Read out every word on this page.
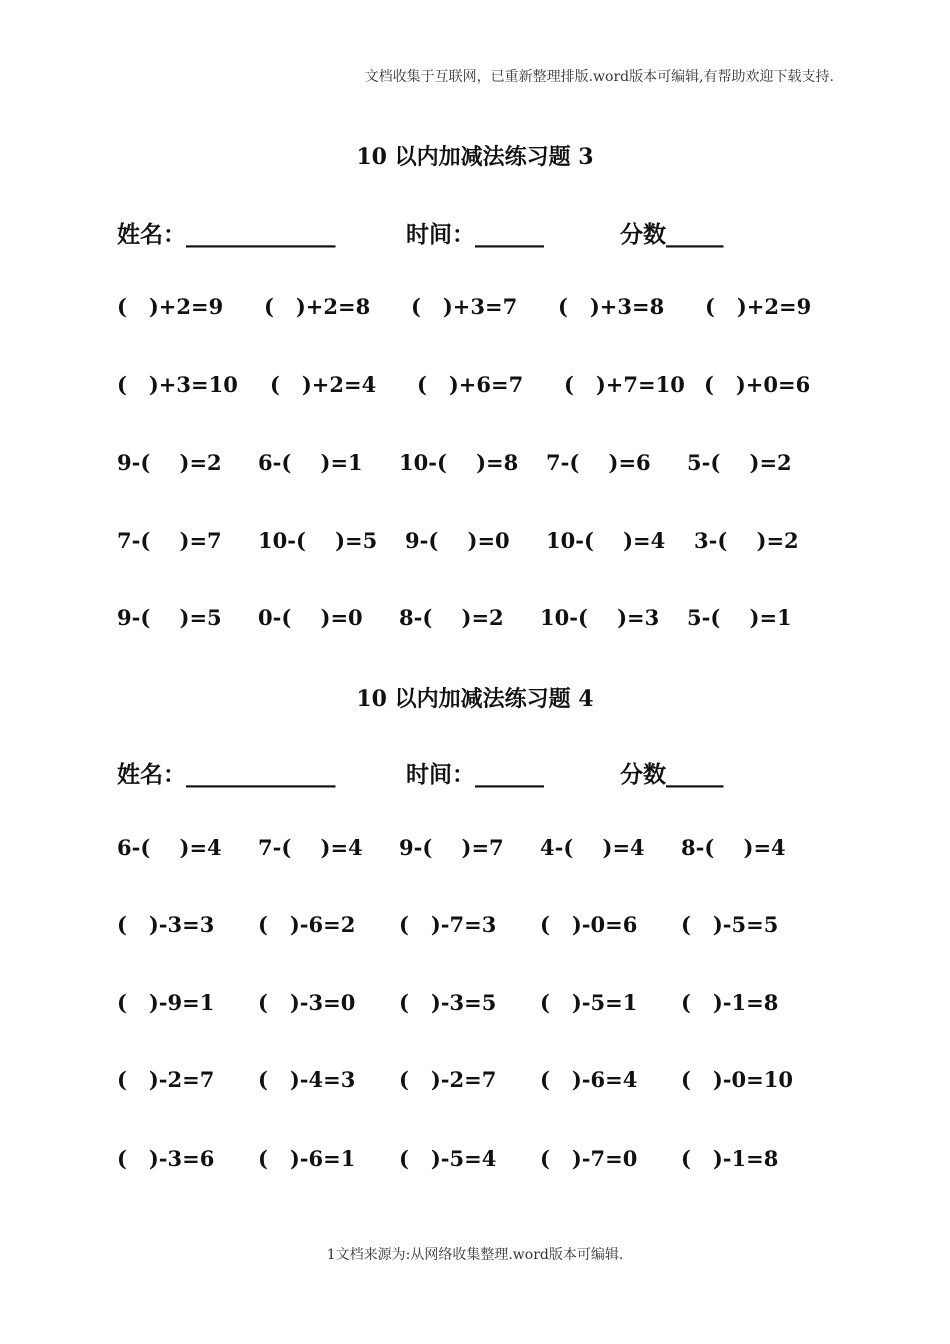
文档收集于互联网，已重新整理排版.word版本可编辑,有帮助欢迎下载支持.
10 以内加减法练习题 3
姓名：_____________	时间：______	分数_____
(   )+2=9 (   )+2=8 (   )+3=7 (   )+3=8 (   )+2=9
(   )+3=10 (   )+2=4 (   )+6=7 (   )+7=10 (   )+0=6
9-(    )=2 6-(    )=1 10-(    )=8 7-(    )=6 5-(    )=2
7-(    )=7 10-(    )=5 9-(    )=0 10-(    )=4 3-(    )=2
9-(    )=5 0-(    )=0 8-(    )=2 10-(    )=3 5-(    )=1
10 以内加减法练习题 4
姓名：_____________	时间：______	分数_____
6-(    )=4 7-(    )=4 9-(    )=7 4-(    )=4 8-(    )=4
(   )-3=3 (   )-6=2 (   )-7=3 (   )-0=6 (   )-5=5
(   )-9=1 (   )-3=0 (   )-3=5 (   )-5=1 (   )-1=8
(   )-2=7 (   )-4=3 (   )-2=7 (   )-6=4 (   )-0=10
(   )-3=6 (   )-6=1 (   )-5=4 (   )-7=0 (   )-1=8
1文档来源为:从网络收集整理.word版本可编辑.
